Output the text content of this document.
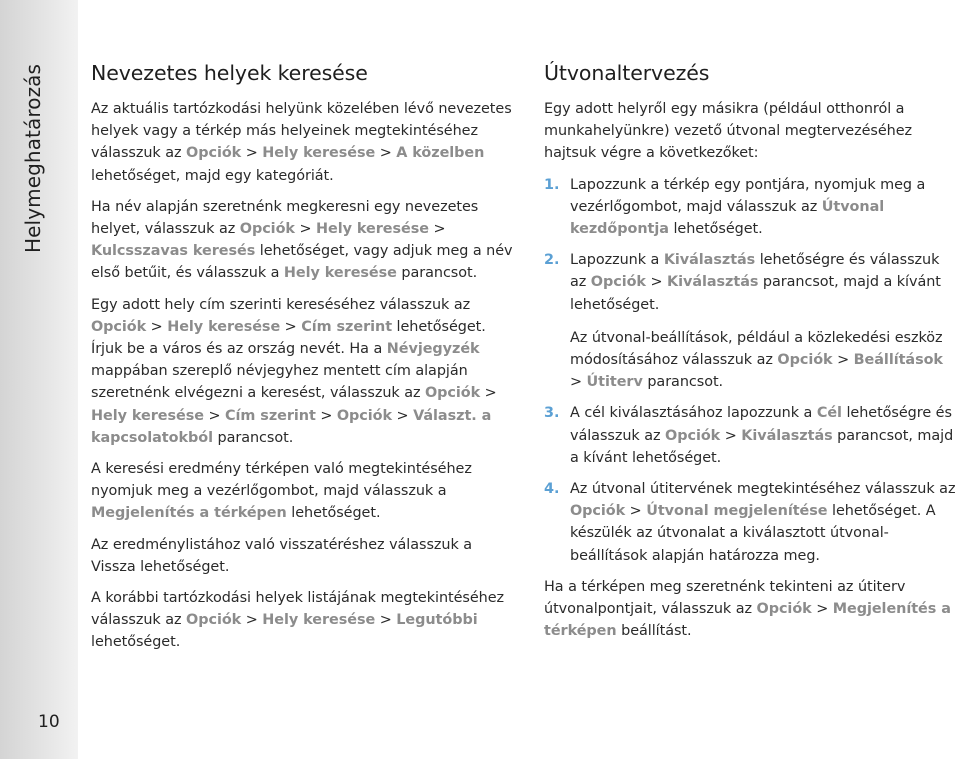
Helymeghatározás
10
Nevezetes helyek keresése

Az aktuális tartózkodási helyünk közelében lévő nevezetes helyek vagy a térkép más helyeinek megtekintéséhez válasszuk az Opciók > Hely keresése > A közelben lehetőséget, majd egy kategóriát.

Ha név alapján szeretnénk megkeresni egy nevezetes helyet, válasszuk az Opciók > Hely keresése > Kulcsszavas keresés lehetőséget, vagy adjuk meg a név első betűit, és válasszuk a Hely keresése parancsot.

Egy adott hely cím szerinti kereséséhez válasszuk az Opciók > Hely keresése > Cím szerint lehetőséget. Írjuk be a város és az ország nevét. Ha a Névjegyzék mappában szereplő névjegyhez mentett cím alapján szeretnénk elvégezni a keresést, válasszuk az Opciók > Hely keresése > Cím szerint > Opciók > Választ. a kapcsolatokból parancsot.

A keresési eredmény térképen való megtekintéséhez nyomjuk meg a vezérlőgombot, majd válasszuk a Megjelenítés a térképen lehetőséget.

Az eredménylistához való visszatéréshez válasszuk a Vissza lehetőséget.

A korábbi tartózkodási helyek listájának megtekintéséhez válasszuk az Opciók > Hely keresése > Legutóbbi lehetőséget.

Útvonaltervezés

Egy adott helyről egy másikra (például otthonról a munkahelyünkre) vezető útvonal megtervezéséhez hajtsuk végre a következőket:

1. Lapozzunk a térkép egy pontjára, nyomjuk meg a vezérlőgombot, majd válasszuk az Útvonal kezdőpontja lehetőséget.

2. Lapozzunk a Kiválasztás lehetőségre és válasszuk az Opciók > Kiválasztás parancsot, majd a kívánt lehetőséget.

Az útvonal-beállítások, például a közlekedési eszköz módosításához válasszuk az Opciók > Beállítások > Útiterv parancsot.

3. A cél kiválasztásához lapozzunk a Cél lehetőségre és válasszuk az Opciók > Kiválasztás parancsot, majd a kívánt lehetőséget.

4. Az útvonal útitervének megtekintéséhez válasszuk az Opciók > Útvonal megjelenítése lehetőséget. A készülék az útvonalat a kiválasztott útvonal-beállítások alapján határozza meg.

Ha a térképen meg szeretnénk tekinteni az útiterv útvonalpontjait, válasszuk az Opciók > Megjelenítés a térképen beállítást.
